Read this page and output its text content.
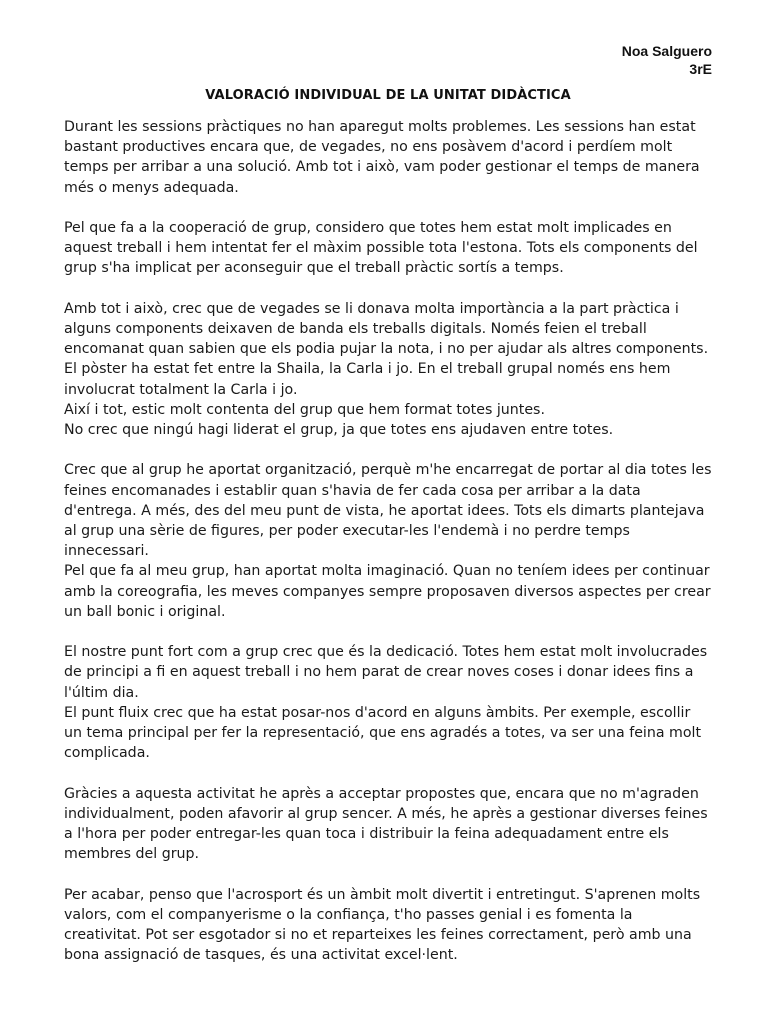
Noa Salguero
3rE
VALORACIÓ INDIVIDUAL DE LA UNITAT DIDÀCTICA

Durant les sessions pràctiques no han aparegut molts problemes. Les sessions han estat bastant productives encara que, de vegades, no ens posàvem d'acord i perdíem molt temps per arribar a una solució. Amb tot i això, vam poder gestionar el temps de manera més o menys adequada.

Pel que fa a la cooperació de grup, considero que totes hem estat molt implicades en aquest treball i hem intentat fer el màxim possible tota l'estona. Tots els components del grup s'ha implicat per aconseguir que el treball pràctic sortís a temps.

Amb tot i això, crec que de vegades se li donava molta importància a la part pràctica i alguns components deixaven de banda els treballs digitals. Només feien el treball encomanat quan sabien que els podia pujar la nota, i no per ajudar als altres components.
El pòster ha estat fet entre la Shaila, la Carla i jo. En el treball grupal només ens hem involucrat totalment la Carla i jo.
Així i tot, estic molt contenta del grup que hem format totes juntes.
No crec que ningú hagi liderat el grup, ja que totes ens ajudaven entre totes.

Crec que al grup he aportat organització, perquè m'he encarregat de portar al dia totes les feines encomanades i establir quan s'havia de fer cada cosa per arribar a la data d'entrega. A més, des del meu punt de vista, he aportat idees. Tots els dimarts plantejava al grup una sèrie de figures, per poder executar-les l'endemà i no perdre temps innecessari.
Pel que fa al meu grup, han aportat molta imaginació. Quan no teníem idees per continuar amb la coreografia, les meves companyes sempre proposaven diversos aspectes per crear un ball bonic i original.

El nostre punt fort com a grup crec que és la dedicació. Totes hem estat molt involucrades de principi a fi en aquest treball i no hem parat de crear noves coses i donar idees fins a l'últim dia.
El punt fluix crec que ha estat posar-nos d'acord en alguns àmbits. Per exemple, escollir un tema principal per fer la representació, que ens agradés a totes, va ser una feina molt complicada.

Gràcies a aquesta activitat he après a acceptar propostes que, encara que no m'agraden individualment, poden afavorir al grup sencer. A més, he après a gestionar diverses feines a l'hora per poder entregar-les quan toca i distribuir la feina adequadament entre els membres del grup.

Per acabar, penso que l'acrosport és un àmbit molt divertit i entretingut. S'aprenen molts valors, com el companyerisme o la confiança, t'ho passes genial i es fomenta la creativitat. Pot ser esgotador si no et reparteixes les feines correctament, però amb una bona assignació de tasques, és una activitat excel·lent.
